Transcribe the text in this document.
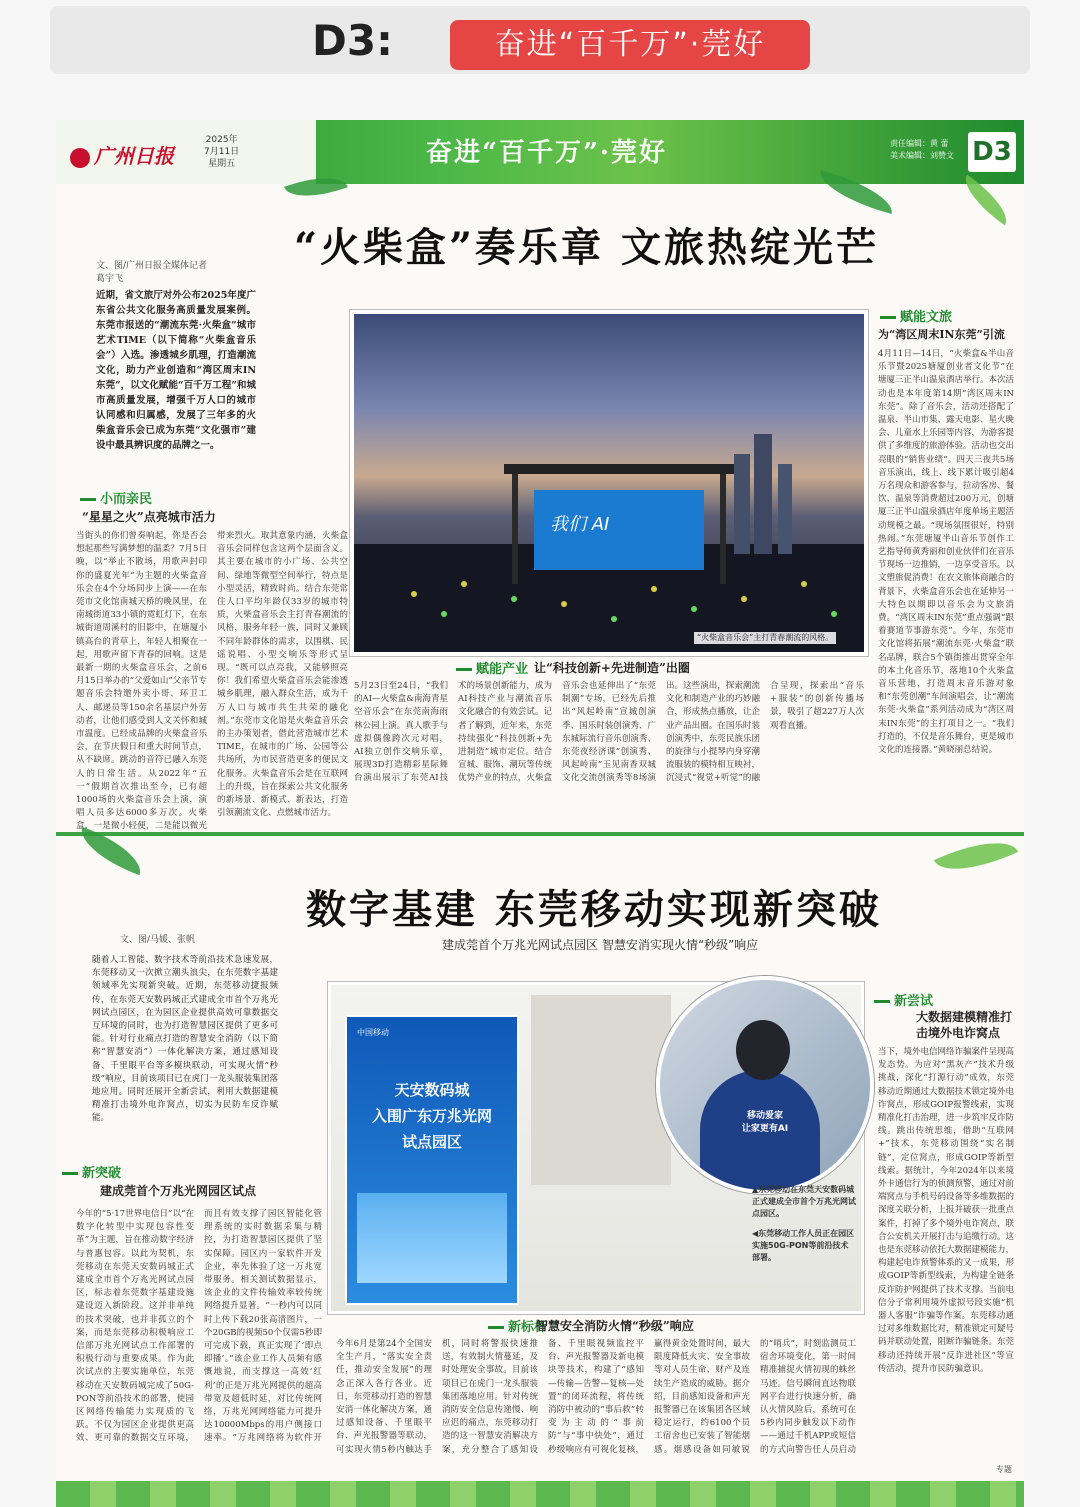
D3:	奋进“百千万”·莞好
广州日报
2025年
7月11日
星期五	奋进“百千万”·莞好	责任编辑：黄 蕾
美术编辑：刘赞文 D3
“火柴盒”奏乐章 文旅热绽光芒
文、图/广州日报全媒体记者
葛宇飞
近期，省文旅厅对外公布2025年度广东省公共文化服务高质量发展案例。东莞市报送的“潮流东莞·火柴盒”城市艺术TIME（以下简称“火柴盒音乐会”）入选。渗透城乡肌理，打造潮流文化，助力产业创造和“湾区周末IN东莞”，以文化赋能“百千万工程”和城市高质量发展，增强千万人口的城市认同感和归属感，发展了三年多的火柴盒音乐会已成为东莞“文化强市”建设中最具辨识度的品牌之一。
小而亲民
“星星之火”点亮城市活力
当街头的你们曾奏响起，你是否会想起那些写满梦想的温柔？7月5日晚，以“举止不散场，用歌声封印你的盛夏光年”为主题的火柴盒音乐会在4个分场同步上演——在东莞市文化馆南城天桥的晚风里，在南城街道33小镇的霓虹灯下，在东城街道周溪村的旧影中，在塘厦小镇高台的青草上，年轻人相聚在一起，用歌声留下青春的回响。这是最新一期的火柴盒音乐会，之前6月15日举办的“父爱如山”父亲节专题音乐会特邀外卖小哥、环卫工人、邮递员等150余名基层户外劳动者，让他们感受到人文关怀和城市温度。已经成品牌的火柴盒音乐会，在节庆假日和重大时间节点，从不缺席。跳动的音符已融入东莞人的日常生活。从2022年“五一”假期首次推出至今，已有超1000场的火柴盒音乐会上演，演唱人员多达6000多万次。火柴盒，一是微小轻便，二是能以微光带来烈火。取其意象内涵，火柴盒音乐会同样包含这两个层面含义。其主要在城市的小广场、公共空间、绿地等微型空间举行，特点是小型灵活，精致时尚。结合东莞常住人口平均年龄仅33岁的城市特质，火柴盒音乐会主打青春潮流的风格，服务年轻一族，同时又兼顾不同年龄群体的需求，以围棋、民谣说唱、小型交响乐等形式呈现。“既可以点亮我，又能够照亮你！我们希望火柴盒音乐会能渗透城乡肌理，融入群众生活，成为千万人口与城市共生共荣的融化剂。”东莞市文化馆是火柴盒音乐会的主办策划者，借此营造城市艺术TIME，在城市的广场、公园等公共场所，为市民营造更多的便民文化服务。火柴盒音乐会是在互联网上的升级，旨在探索公共文化服务的新场景、新模式、新表达，打造引领潮流文化、点燃城市活力。
我们 AI
“火柴盒音乐会”主打青春潮流的风格。
赋能产业 让“科技创新+先进制造”出圈
5月23日至24日，“我们的AI—火柴盒&南海青星空音乐会”在东莞南海雨林公园上演。真人歌手与虚拟偶像跨次元对唱，AI独立创作交响乐章，展现3D打造精彩星际舞台演出展示了东莞AI技术的场景创新能力，成为AI科技产业与潮流音乐文化融合的有效尝试。记者了解到，近年来，东莞持续强化“科技创新+先进制造”城市定位。结合宣城、服饰、潮玩等传统优势产业的特点，火柴盒音乐会也延伸出了“东莞制潮”专场，已经先后推出“风起岭南”宣城创演季、国乐时装创演秀、广东城际流行音乐创演秀、东莞夜经济课“创演秀、风起岭南”玉见南香双城文化交流创演秀等8场演出。这些演出，探索潮流文化和制造产业的巧妙融合，形成热点播放，让企业产品出圈。在国乐时装创演秀中，东莞民族乐团的旋律与小提琴内身穿潮流服装的模特相互映衬，沉浸式“视觉+听觉”的融合呈现，探索出“音乐+服装”的创新传播场景，吸引了超227万人次观看直播。
赋能文旅
为“湾区周末IN东莞”引流
4月11日—14日，“火柴盒&半山音乐节暨2025塘厦创业者文化节”在塘厦三正半山温泉酒店举行。本次活动也是本年度第14期“湾区周末IN东莞”。除了音乐会，活动还搭配了温泉、半山市集、露天电影、星火晚会、儿童水上乐园等内容，为游客提供了多维度的旅游体验。活动也交出亮眼的“销售业绩”。四天三夜共5场音乐演出，线上、线下累计吸引超4万名现众和游客参与，拉动客房、餐饮、温泉等消费超过200万元，创塘厦三正半山温泉酒店年度单场主题活动规模之最。“现场氛围很好，特别热闹。”东莞塘厦半山音乐节创作工艺指导师黄秀丽和创业伙伴们在音乐节现场一边推销，一边享受音乐。以文塑旅促消费！在农文旅体商融合的背景下，火柴盒音乐会也在延伸另一大特色以期即以音乐会为文旅消费。“湾区周末IN东莞”重点强调“跟着赛道节事游东莞”。今年，东莞市文化馆将拓展“潮流东莞·火柴盒”联名品牌，联合5个镇街推出贯穿全年的本土化音乐节，落地10个火柴盒音乐营地，打造周末音乐游对象和“东莞创潮”车间演唱会，让“潮流东莞·火柴盒”系列活动成为“湾区周末IN东莞”的主打项目之一。“我们打造的，不仅是音乐舞台，更是城市文化的连接器。”黄晓丽总结说。
数字基建 东莞移动实现新突破
建成莞首个万兆光网试点园区 智慧安消实现火情“秒级”响应
文、图/马媛、张帆
随着人工智能、数字技术等前沿技术急速发展，东莞移动又一次掀立潮头浪尖，在东莞数字基建领域率先实现新突破。近期，东莞移动捷报频传，在东莞天安数码城正式建成全市首个万兆光网试点园区，在为园区企业提供高效可靠数据交互环境的同时，也为打造智慧园区提供了更多可能。针对行业痛点打造的智慧安全消防（以下简称“智慧安消”）一体化解决方案，通过感知设备、千里眼平台等多模块联动，可实现火情“秒级”响应，目前该项目已在虎门一龙头服装集团落地应用。同时还展开全新尝试，利用大数据建模精准打击境外电诈窝点，切实为民防车反诈赋能。
新突破
建成莞首个万兆光网园区试点
今年的“5·17世界电信日”以“在数字化转型中实现包容性变革”为主题，旨在推动数字经济与普惠包容。以此为契机，东莞移动在东莞天安数码城正式建成全市首个万兆光网试点园区，标志着东莞数字基建设施建设迈入新阶段。这并非单纯的技术突破，也并非孤立的个案，而是东莞移动积极响应工信部万兆光网试点工作部署的积极行动与重要成果。作为此次试点的主要实施单位，东莞移动在天安数码城完成了50G-PON等前沿技术的部署，使园区网络传输能力实现质的飞跃。不仅为园区企业提供更高效、更可靠的数据交互环境，而且有效支撑了园区智能化管理系统的实时数据采集与精控，为打造智慧园区提供了坚实保障。园区内一家软件开发企业，率先体验了这一万兆宽带服务。相关测试数据显示，该企业的文件传输效率较传统网络提升显著。“一秒内可以同时上传下载20张高清图片，一个20GB的视频50个仅需5秒即可完成下载，真正实现了‘即点即播’。”该企业工作人员频有感慨地说，而支撑这一高效‘红利’的正是万兆光网提供的超高带宽及超低时延，对比传统网络，万兆光网网络能力可提升达10000Mbps的用户侧接口速率。“万兆网络将为软件开
中国移动
天安数码城
入围广东万兆光网
试点园区
移动爱家
让家更有AI
▲东莞移动在东莞天安数码城正式建成全市首个万兆光网试点园区。
◀东莞移动工作人员正在园区实施50G-PON等前沿技术部署。
新标杆
智慧安全消防火情“秒级”响应
今年6月是第24个全国安全生产月，“落实安全责任，推动安全发展”的理念正深入各行各业。近日，东莞移动打造的智慧安消一体化解决方案，通过感知设备、千里眼平台、声光报警器等联动，可实现火情5秒内触达手机，同时将警报快速推送，有效制火情蔓延，及时处理安全事故。目前该项目已在虎门一龙头服装集团落地应用。针对传统消防安全信息传递慢、响应迟的痛点，东莞移动打造的这一智慧安消解决方案，充分整合了感知设备、千里眼视频监控平台、声光报警器及新电模块等技术，构建了“感知—传输—告警—复核—处置”的闭环流程，将传统消防中被动的“事后救”转变为主动的“事前防”与“事中快处”，通过秒级响应有可视化复核，赢得黄金处置时间，最大限度降低火灾、安全事故等对人员生命、财产及连续生产造成的威胁。据介绍，目前感知设备和声光报警器已在该集团各区域稳定运行，约6100个员工宿舍也已安装了智能烟感。烟感设备如同敏锐的“哨兵”，时刻监测员工宿舍环境变化，第一时间精准捕捉火情初现的蛛丝马迹。信号瞬间直达物联网平台进行快速分析，确认火情风险后，系统可在5秒内同步触发以下动作——通过千机APP或短信的方式向警告任人员启动
新尝试
大数据建模精准打
击境外电诈窝点
当下，境外电信网络诈骗案件呈现高发态势。为应对“黑灰产”技术升级挑战，深化“打源行动”成效，东莞移动近期通过大数据技术锁定境外电诈窝点，形成GOIP报警线索，实现精准化打击治理，进一步筑牢反诈防线。跳出传统思维，借助“互联网+”技术，东莞移动围绕“实名制链”，定位窝点，形成GOIP等新型线索。据统计，今年2024年以来境外卡通信行为的侦测预警，通过对前端窝点与手机号码设备等多维数据的深度关联分析，上报并破获一批重点案件，打掉了多个境外电诈窝点，联合公安机关开展打击与追缴行动。这也是东莞移动依托大数据建模能力，构建起电诈预警体系的又一成果，形成GOIP等新型线索，为构建全链条反诈防护网提供了技术支撑。当前电信分子常利用境外虚拟号段实施“机器人客服”诈骗等作案。东莞移动通过对多维数据比对，精准锁定可疑号码并联动处置，阻断诈骗链条。东莞移动还持续开展“反诈进社区”等宣传活动，提升市民防骗意识。
专题
